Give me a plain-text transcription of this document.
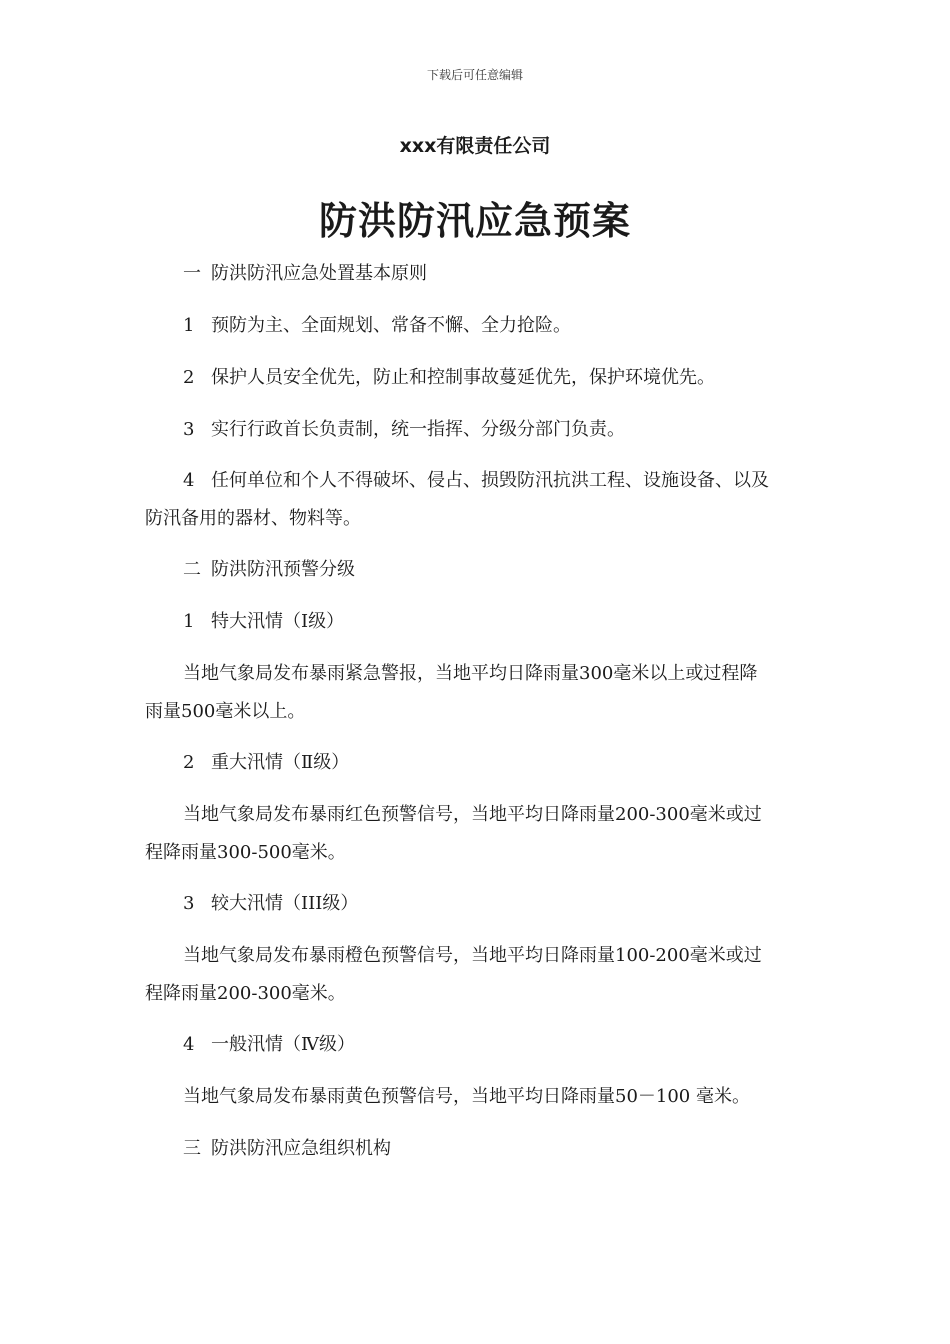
下载后可任意编辑
xxx有限责任公司
防洪防汛应急预案
一 防洪防汛应急处置基本原则
1 预防为主、全面规划、常备不懈、全力抢险。
2 保护人员安全优先，防止和控制事故蔓延优先，保护环境优先。
3 实行行政首长负责制，统一指挥、分级分部门负责。
4 任何单位和个人不得破坏、侵占、损毁防汛抗洪工程、设施设备、以及
防汛备用的器材、物料等。
二 防洪防汛预警分级
1 特大汛情（Ⅰ级）
当地气象局发布暴雨紧急警报，当地平均日降雨量300毫米以上或过程降
雨量500毫米以上。
2 重大汛情（Ⅱ级）
当地气象局发布暴雨红色预警信号，当地平均日降雨量200-300毫米或过
程降雨量300-500毫米。
3 较大汛情（III级）
当地气象局发布暴雨橙色预警信号，当地平均日降雨量100-200毫米或过
程降雨量200-300毫米。
4 一般汛情（Ⅳ级）
当地气象局发布暴雨黄色预警信号，当地平均日降雨量50－100 毫米。
三 防洪防汛应急组织机构
